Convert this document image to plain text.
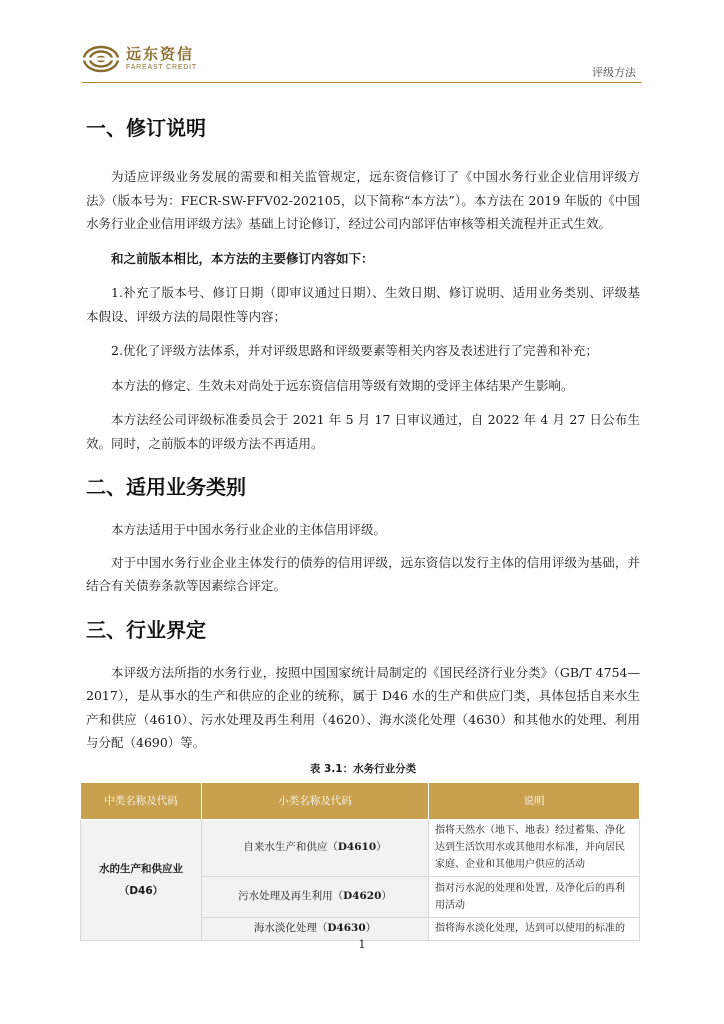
远东资信
FAREAST CREDIT	评级方法
一、修订说明

为适应评级业务发展的需要和相关监管规定，远东资信修订了《中国水务行业企业信用评级方法》（版本号为：FECR-SW-FFV02-202105，以下简称“本方法”）。本方法在 2019 年版的《中国水务行业企业信用评级方法》基础上讨论修订，经过公司内部评估审核等相关流程并正式生效。

和之前版本相比，本方法的主要修订内容如下：

1.补充了版本号、修订日期（即审议通过日期）、生效日期、修订说明、适用业务类别、评级基本假设、评级方法的局限性等内容；

2.优化了评级方法体系，并对评级思路和评级要素等相关内容及表述进行了完善和补充；

本方法的修定、生效未对尚处于远东资信信用等级有效期的受评主体结果产生影响。

本方法经公司评级标准委员会于 2021 年 5 月 17 日审议通过，自 2022 年 4 月 27 日公布生效。同时，之前版本的评级方法不再适用。

二、适用业务类别

本方法适用于中国水务行业企业的主体信用评级。

对于中国水务行业企业主体发行的债券的信用评级，远东资信以发行主体的信用评级为基础，并结合有关债券条款等因素综合评定。

三、行业界定

本评级方法所指的水务行业，按照中国国家统计局制定的《国民经济行业分类》（GB/T 4754—2017），是从事水的生产和供应的企业的统称，属于 D46 水的生产和供应门类，具体包括自来水生产和供应（4610）、污水处理及再生利用（4620）、海水淡化处理（4630）和其他水的处理、利用与分配（4690）等。

表 3.1：水务行业分类
中类名称及代码	小类名称及代码	说明

水的生产和供应业
（D46）	自来水生产和供应（D4610）	指将天然水（地下、地表）经过蓄集、净化达到生活饮用水或其他用水标准，并向居民家庭、企业和其他用户供应的活动
	污水处理及再生利用（D4620）	指对污水泥的处理和处置，及净化后的再利用活动
	海水淡化处理（D4630）	指将海水淡化处理，达到可以使用的标准的
1
